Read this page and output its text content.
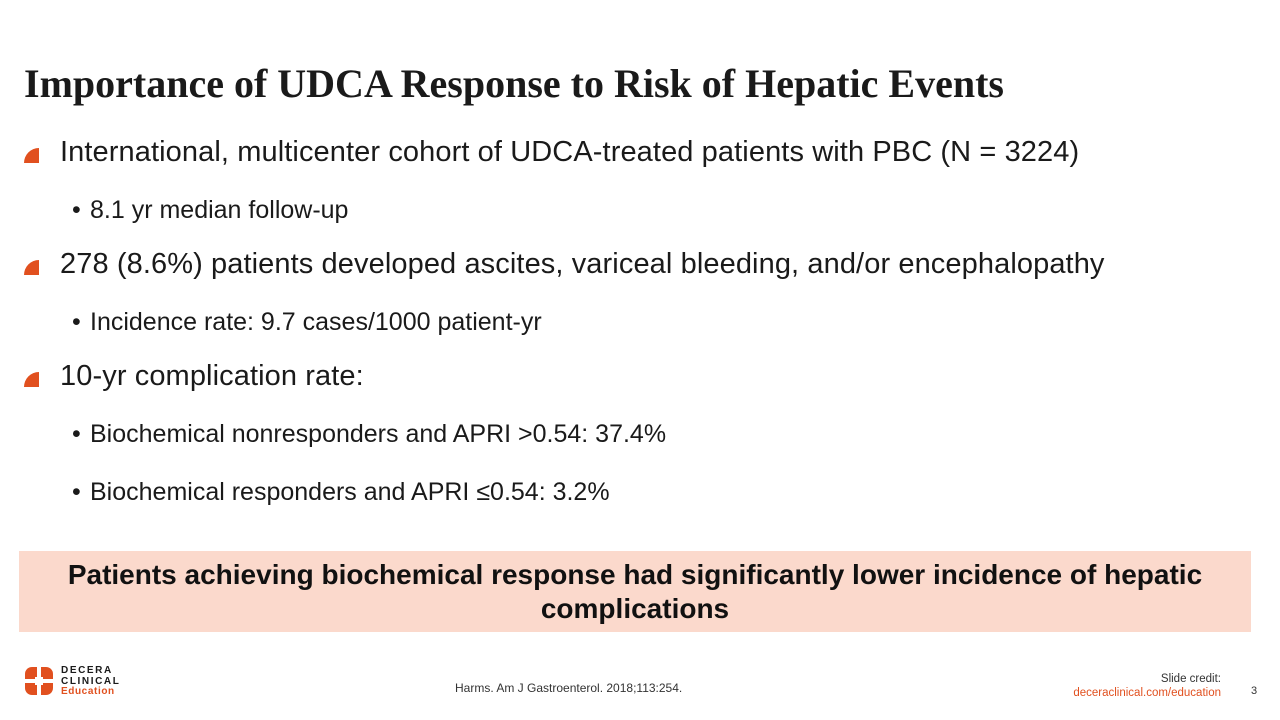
Importance of UDCA Response to Risk of Hepatic Events
International, multicenter cohort of UDCA-treated patients with PBC (N = 3224)
• 8.1 yr median follow-up
278 (8.6%) patients developed ascites, variceal bleeding, and/or encephalopathy
• Incidence rate: 9.7 cases/1000 patient-yr
10-yr complication rate:
• Biochemical nonresponders and APRI >0.54: 37.4%
• Biochemical responders and APRI ≤0.54: 3.2%
Patients achieving biochemical response had significantly lower incidence of hepatic complications
DECERA
CLINICAL
Education	Harms. Am J Gastroenterol. 2018;113:254.
Slide credit:
deceraclinical.com/education	3
